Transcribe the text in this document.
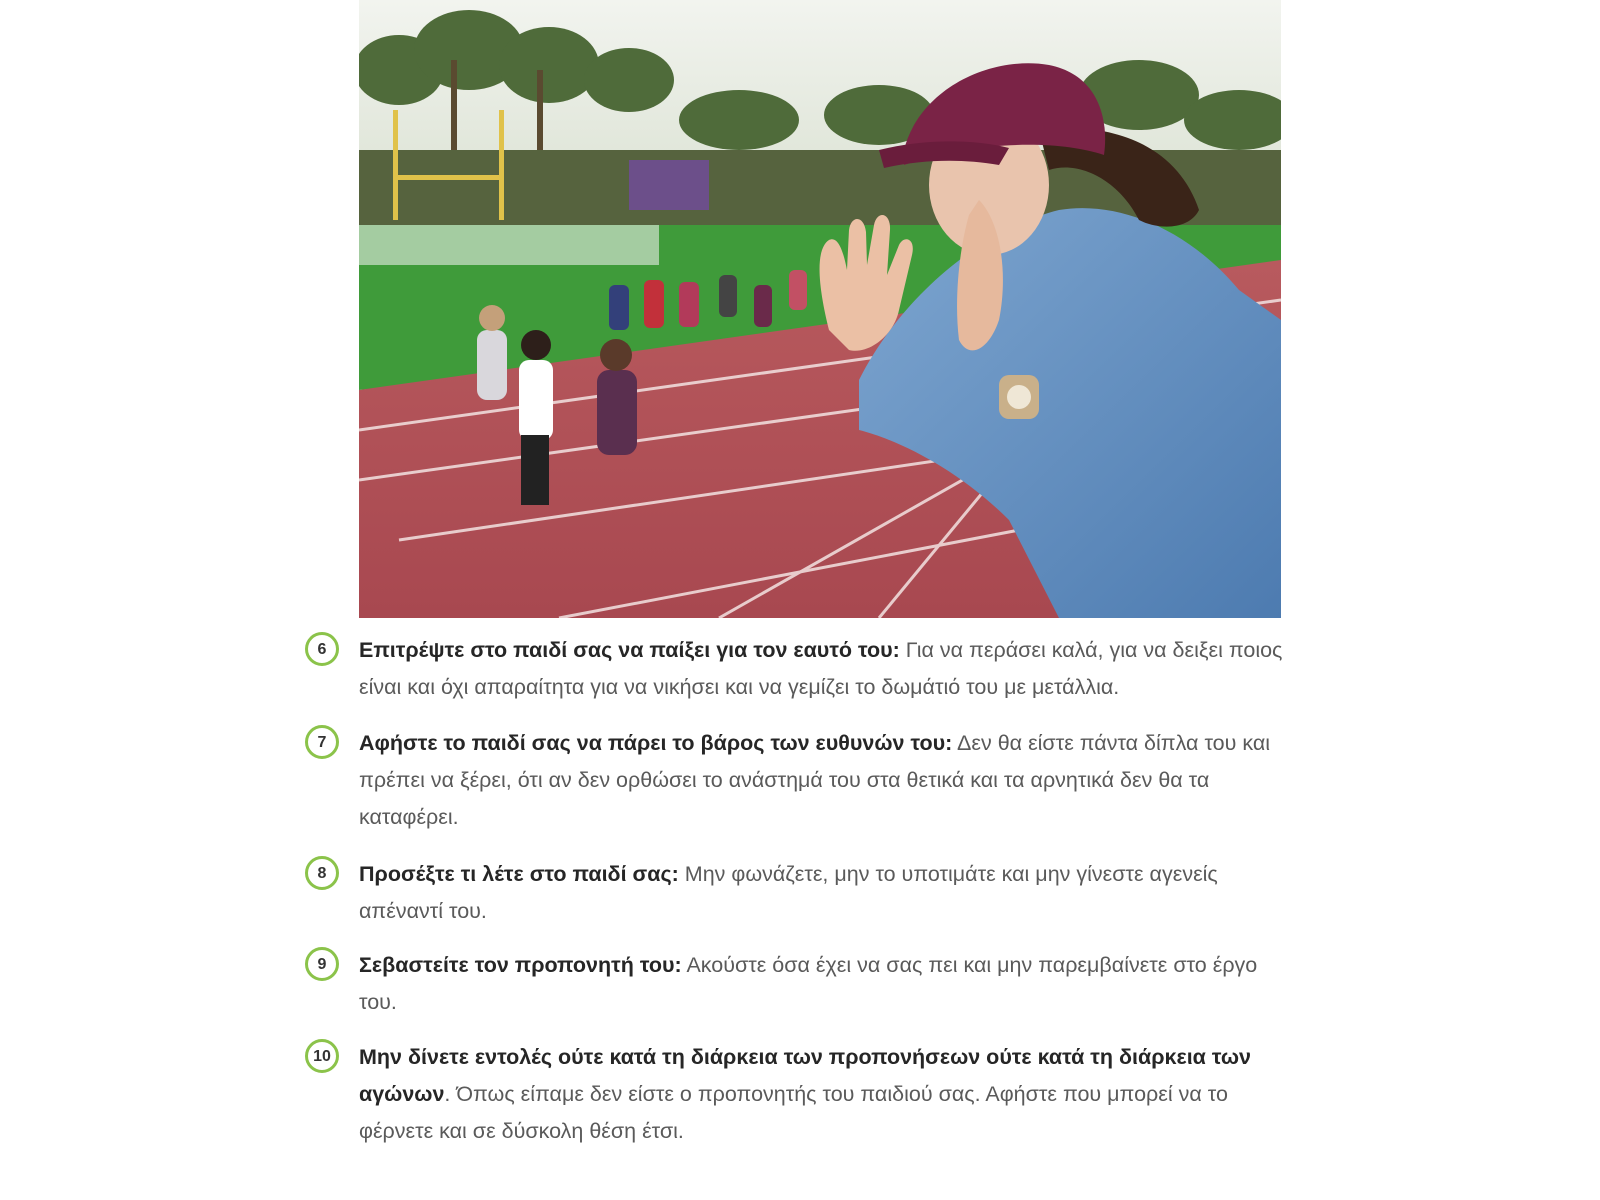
6	Επιτρέψτε στο παιδί σας να παίξει για τον εαυτό του: Για να περάσει καλά, για να δειξει ποιος είναι και όχι απαραίτητα για να νικήσει και να γεμίζει το δωμάτιό του με μετάλλια.
7	Αφήστε το παιδί σας να πάρει το βάρος των ευθυνών του: Δεν θα είστε πάντα δίπλα του και πρέπει να ξέρει, ότι αν δεν ορθώσει το ανάστημά του στα θετικά και τα αρνητικά δεν θα τα καταφέρει.
8	Προσέξτε τι λέτε στο παιδί σας: Μην φωνάζετε, μην το υποτιμάτε και μην γίνεστε αγενείς απέναντί του.
9	Σεβαστείτε τον προπονητή του: Ακούστε όσα έχει να σας πει και μην παρεμβαίνετε στο έργο του.
10	Μην δίνετε εντολές ούτε κατά τη διάρκεια των προπονήσεων ούτε κατά τη διάρκεια των αγώνων. Όπως είπαμε δεν είστε ο προπονητής του παιδιού σας. Αφήστε που μπορεί να το φέρνετε και σε δύσκολη θέση έτσι.
